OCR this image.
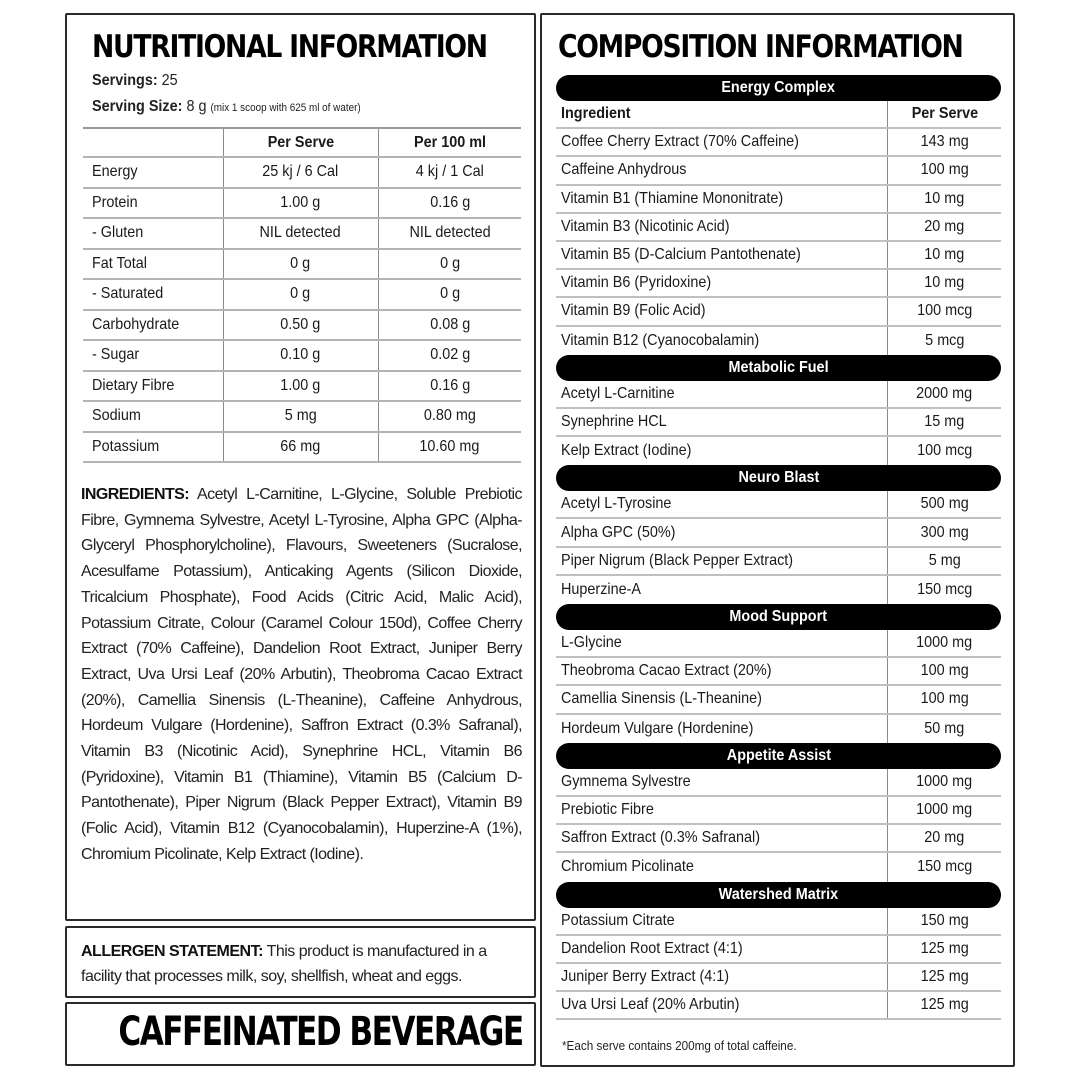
NUTRITIONAL INFORMATION
Servings: 25
Serving Size: 8 g (mix 1 scoop with 625 ml of water)
	Per Serve	Per 100 ml
Energy	25 kj / 6 Cal	4 kj / 1 Cal
Protein	1.00 g	0.16 g
- Gluten	NIL detected	NIL detected
Fat Total	0 g	0 g
- Saturated	0 g	0 g
Carbohydrate	0.50 g	0.08 g
- Sugar	0.10 g	0.02 g
Dietary Fibre	1.00 g	0.16 g
Sodium	5 mg	0.80 mg
Potassium	66 mg	10.60 mg

INGREDIENTS: Acetyl L-Carnitine, L-Glycine, Soluble Prebiotic Fibre, Gymnema Sylvestre, Acetyl L-Tyrosine, Alpha GPC (Alpha-Glyceryl Phosphorylcholine), Flavours, Sweeteners (Sucralose, Acesulfame Potassium), Anticaking Agents (Silicon Dioxide, Tricalcium Phosphate), Food Acids (Citric Acid, Malic Acid), Potassium Citrate, Colour (Caramel Colour 150d), Coffee Cherry Extract (70% Caffeine), Dandelion Root Extract, Juniper Berry Extract, Uva Ursi Leaf (20% Arbutin), Theobroma Cacao Extract (20%), Camellia Sinensis (L-Theanine), Caffeine Anhydrous, Hordeum Vulgare (Hordenine), Saffron Extract (0.3% Safranal), Vitamin B3 (Nicotinic Acid), Synephrine HCL, Vitamin B6 (Pyridoxine), Vitamin B1 (Thiamine), Vitamin B5 (Calcium D-Pantothenate), Piper Nigrum (Black Pepper Extract), Vitamin B9 (Folic Acid), Vitamin B12 (Cyanocobalamin), Huperzine-A (1%), Chromium Picolinate, Kelp Extract (Iodine).

ALLERGEN STATEMENT: This product is manufactured in a facility that processes milk, soy, shellfish, wheat and eggs.

CAFFEINATED BEVERAGE
COMPOSITION INFORMATION
Energy Complex
Ingredient	Per Serve
Coffee Cherry Extract (70% Caffeine)	143 mg
Caffeine Anhydrous	100 mg
Vitamin B1 (Thiamine Mononitrate)	10 mg
Vitamin B3 (Nicotinic Acid)	20 mg
Vitamin B5 (D-Calcium Pantothenate)	10 mg
Vitamin B6 (Pyridoxine)	10 mg
Vitamin B9 (Folic Acid)	100 mcg
Vitamin B12 (Cyanocobalamin)	5 mcg
Metabolic Fuel
Acetyl L-Carnitine	2000 mg
Synephrine HCL	15 mg
Kelp Extract (Iodine)	100 mcg
Neuro Blast
Acetyl L-Tyrosine	500 mg
Alpha GPC (50%)	300 mg
Piper Nigrum (Black Pepper Extract)	5 mg
Huperzine-A	150 mcg
Mood Support
L-Glycine	1000 mg
Theobroma Cacao Extract (20%)	100 mg
Camellia Sinensis (L-Theanine)	100 mg
Hordeum Vulgare (Hordenine)	50 mg
Appetite Assist
Gymnema Sylvestre	1000 mg
Prebiotic Fibre	1000 mg
Saffron Extract (0.3% Safranal)	20 mg
Chromium Picolinate	150 mcg
Watershed Matrix
Potassium Citrate	150 mg
Dandelion Root Extract (4:1)	125 mg
Juniper Berry Extract (4:1)	125 mg
Uva Ursi Leaf (20% Arbutin)	125 mg
*Each serve contains 200mg of total caffeine.
